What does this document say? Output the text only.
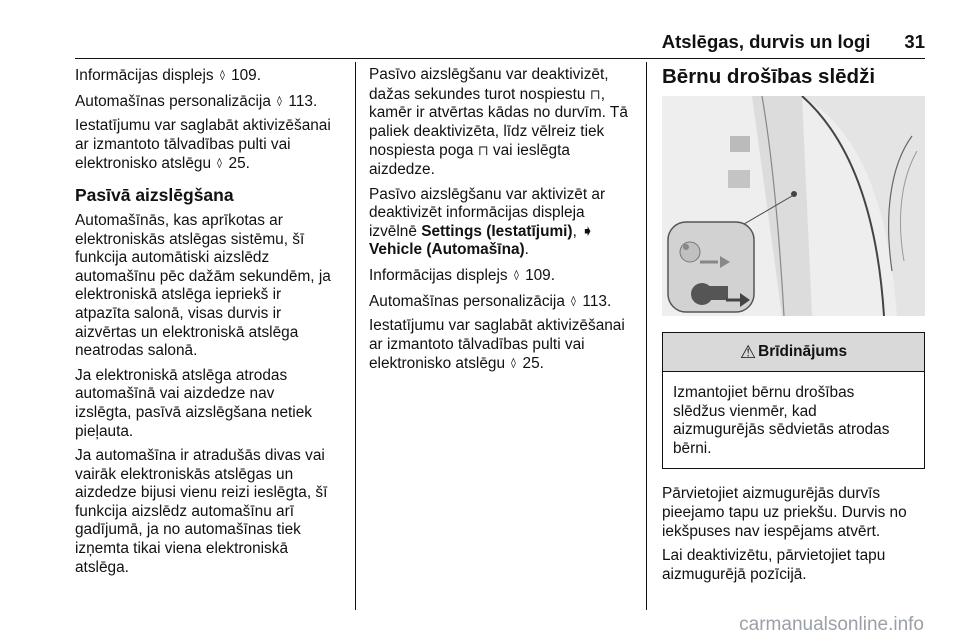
Atslēgas, durvis un logi 31

Informācijas displejs ◊ 109.

Automašīnas personalizācija ◊ 113.

Iestatījumu var saglabāt aktivizēšanai
ar izmantoto tālvadības pulti vai
elektronisko atslēgu ◊ 25.

Pasīvā aizslēgšana

Automašīnās, kas aprīkotas ar
elektroniskās atslēgas sistēmu, šī
funkcija automātiski aizslēdz
automašīnu pēc dažām sekundēm, ja
elektroniskā atslēga iepriekš ir
atpazīta salonā, visas durvis ir
aizvērtas un elektroniskā atslēga
neatrodas salonā.

Ja elektroniskā atslēga atrodas
automašīnā vai aizdedze nav
izslēgta, pasīvā aizslēgšana netiek
pieļauta.

Ja automašīna ir atradušās divas vai
vairāk elektroniskās atslēgas un
aizdedze bijusi vienu reizi ieslēgta, šī
funkcija aizslēdz automašīnu arī
gadījumā, ja no automašīnas tiek
izņemta tikai viena elektroniskā
atslēga.

Pasīvo aizslēgšanu var deaktivizēt,
dažas sekundes turot nospiestu ⊓,
kamēr ir atvērtas kādas no durvīm. Tā
paliek deaktivizēta, līdz vēlreiz tiek
nospiesta poga ⊓ vai ieslēgta
aizdedze.

Pasīvo aizslēgšanu var aktivizēt ar
deaktivizēt informācijas displeja
izvēlnē Settings (Iestatījumi), ➧
Vehicle (Automašīna).

Informācijas displejs ◊ 109.

Automašīnas personalizācija ◊ 113.

Iestatījumu var saglabāt aktivizēšanai
ar izmantoto tālvadības pulti vai
elektronisko atslēgu ◊ 25.

Bērnu drošības slēdži
⚠ Brīdinājums
Izmantojiet bērnu drošības
slēdžus vienmēr, kad
aizmugurējās sēdvietās atrodas
bērni.

Pārvietojiet aizmugurējās durvīs
pieejamo tapu uz priekšu. Durvis no
iekšpuses nav iespējams atvērt.

Lai deaktivizētu, pārvietojiet tapu
aizmugurējā pozīcijā.

carmanualsonline.info
